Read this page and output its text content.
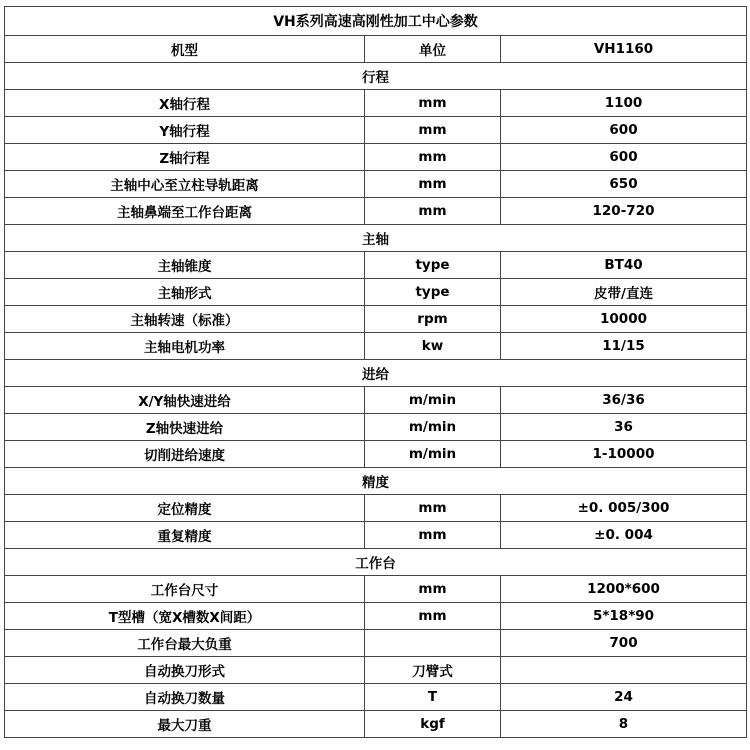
VH系列高速高刚性加工中心参数		
机型	单位	VH1160
行程		
X轴行程	mm	1100
Y轴行程	mm	600
Z轴行程	mm	600
主轴中心至立柱导轨距离	mm	650
主轴鼻端至工作台距离	mm	120-720
主轴		
主轴锥度	type	BT40
主轴形式	type	皮带/直连
主轴转速（标准）	rpm	10000
主轴电机功率	kw	11/15
进给		
X/Y轴快速进给	m/min	36/36
Z轴快速进给	m/min	36
切削进给速度	m/min	1-10000
精度		
定位精度	mm	±0. 005/300
重复精度	mm	±0. 004
工作台		
工作台尺寸	mm	1200*600
T型槽（宽X槽数X间距）	mm	5*18*90
工作台最大负重		700
自动换刀形式	刀臂式	
自动换刀数量	T	24
最大刀重	kgf	8
